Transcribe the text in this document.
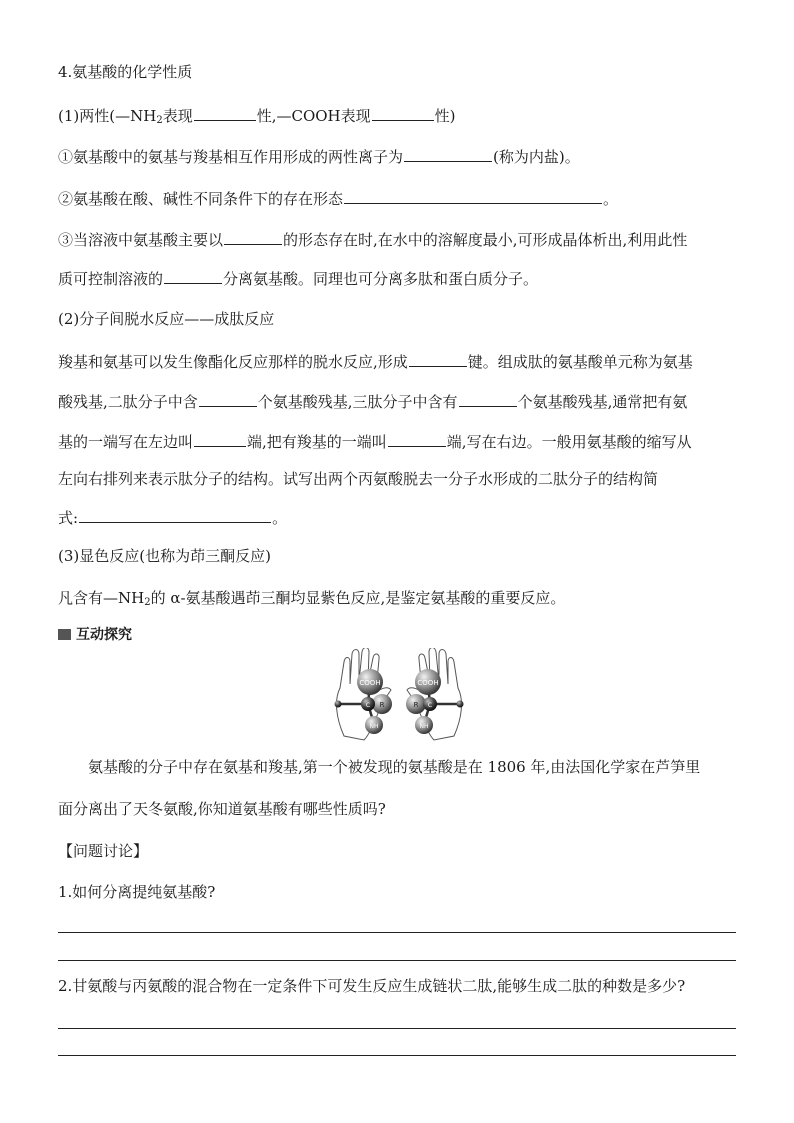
4.氨基酸的化学性质
(1)两性($—NH_2$表现	性,—COOH表现	性)
①氨基酸中的氨基与羧基相互作用形成的两性离子为	(称为内盐)。
②氨基酸在酸、碱性不同条件下的存在形态	。
③当溶液中氨基酸主要以	的形态存在时,在水中的溶解度最小,可形成晶体析出,利用此性
质可控制溶液的	分离氨基酸。同理也可分离多肽和蛋白质分子。
(2)分子间脱水反应——成肽反应
羧基和氨基可以发生像酯化反应那样的脱水反应,形成	键。组成肽的氨基酸单元称为氨基
酸残基,二肽分子中含	个氨基酸残基,三肽分子中含有	个氨基酸残基,通常把有氨
基的一端写在左边叫	端,把有羧基的一端叫	端,写在右边。一般用氨基酸的缩写从
左向右排列来表示肽分子的结构。试写出两个丙氨酸脱去一分子水形成的二肽分子的结构简
式:	。
(3)显色反应(也称为茚三酮反应)
凡含有$—NH_2$的 α-氨基酸遇茚三酮均显紫色反应,是鉴定氨基酸的重要反应。
互动探究
COOH
R
C
NH
COOH
R C
NH
氨基酸的分子中存在氨基和羧基,第一个被发现的氨基酸是在 1806 年,由法国化学家在芦笋里
面分离出了天冬氨酸,你知道氨基酸有哪些性质吗?
【问题讨论】
1.如何分离提纯氨基酸?
2.甘氨酸与丙氨酸的混合物在一定条件下可发生反应生成链状二肽,能够生成二肽的种数是多少?
